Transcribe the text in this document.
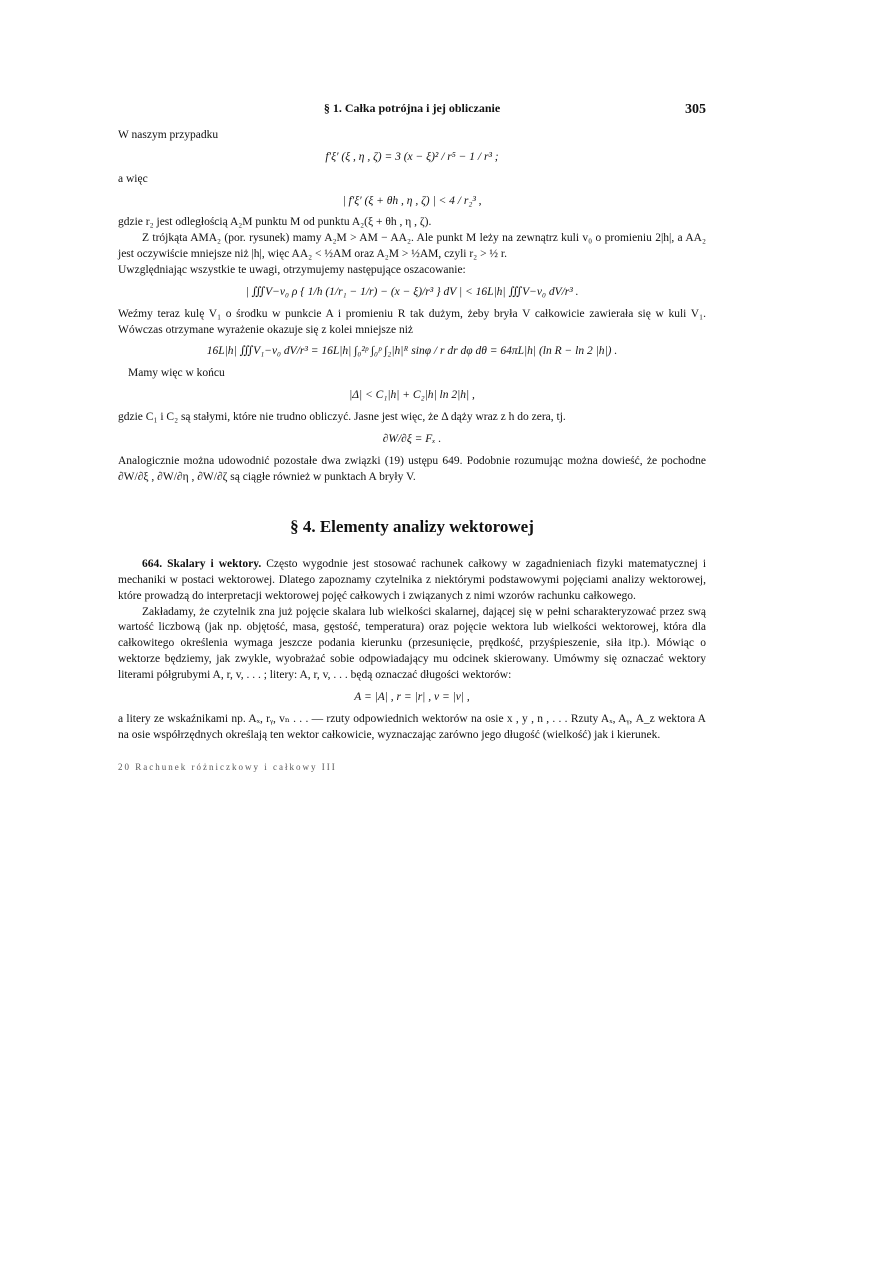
§ 1. Całka potrójna i jej obliczanie	305

W naszym przypadku

f′ξ′ (ξ , η , ζ) = 3 (x − ξ)² / r⁵ − 1 / r³ ;

a więc

| f′ξ′ (ξ + θh , η , ζ) | < 4 / r₂³ ,

gdzie r₂ jest odległością A₂M punktu M od punktu A₂(ξ + θh , η , ζ).

Z trójkąta AMA₂ (por. rysunek) mamy A₂M > AM − AA₂. Ale punkt M leży na zewnątrz kuli v₀ o promieniu 2|h|, a AA₂ jest oczywiście mniejsze niż |h|, więc AA₂ < ½AM oraz A₂M > ½AM, czyli r₂ > ½ r.

Uwzględniając wszystkie te uwagi, otrzymujemy następujące oszacowanie:

| ∭V−v₀ ρ { 1/h (1/r₁ − 1/r) − (x − ξ)/r³ } dV | < 16L|h| ∭V−v₀ dV/r³ .

Weźmy teraz kulę V₁ o środku w punkcie A i promieniu R tak dużym, żeby bryła V całkowicie zawierała się w kuli V₁. Wówczas otrzymane wyrażenie okazuje się z kolei mniejsze niż

16L|h| ∭V₁−v₀ dV/r³ = 16L|h| ∫₀²ᵖ ∫₀ᵖ ∫₂|h|ᴿ sinφ / r dr dφ dθ = 64πL|h| (ln R − ln 2 |h|) .

Mamy więc w końcu

|Δ| < C₁|h| + C₂|h| ln 2|h| ,

gdzie C₁ i C₂ są stałymi, które nie trudno obliczyć. Jasne jest więc, że Δ dąży wraz z h do zera, tj.

∂W/∂ξ = Fₓ .

Analogicznie można udowodnić pozostałe dwa związki (19) ustępu 649. Podobnie rozumując można dowieść, że pochodne ∂W/∂ξ , ∂W/∂η , ∂W/∂ζ są ciągłe również w punktach A bryły V.

§ 4. Elementy analizy wektorowej

664. Skalary i wektory. Często wygodnie jest stosować rachunek całkowy w zagadnieniach fizyki matematycznej i mechaniki w postaci wektorowej. Dlatego zapoznamy czytelnika z niektórymi podstawowymi pojęciami analizy wektorowej, które prowadzą do interpretacji wektorowej pojęć całkowych i związanych z nimi wzorów rachunku całkowego.

Zakładamy, że czytelnik zna już pojęcie skalara lub wielkości skalarnej, dającej się w pełni scharakteryzować przez swą wartość liczbową (jak np. objętość, masa, gęstość, temperatura) oraz pojęcie wektora lub wielkości wektorowej, która dla całkowitego określenia wymaga jeszcze podania kierunku (przesunięcie, prędkość, przyśpieszenie, siła itp.). Mówiąc o wektorze będziemy, jak zwykle, wyobrażać sobie odpowiadający mu odcinek skierowany. Umówmy się oznaczać wektory literami półgrubymi A, r, v, . . . ; litery: A, r, v, . . . będą oznaczać długości wektorów:

A = |A| , r = |r| , v = |v| ,

a litery ze wskaźnikami np. Aₓ, rᵧ, vₙ . . . — rzuty odpowiednich wektorów na osie x , y , n , . . . Rzuty Aₓ, Aᵧ, A_z wektora A na osie współrzędnych określają ten wektor całkowicie, wyznaczając zarówno jego długość (wielkość) jak i kierunek.

20 Rachunek różniczkowy i całkowy III
